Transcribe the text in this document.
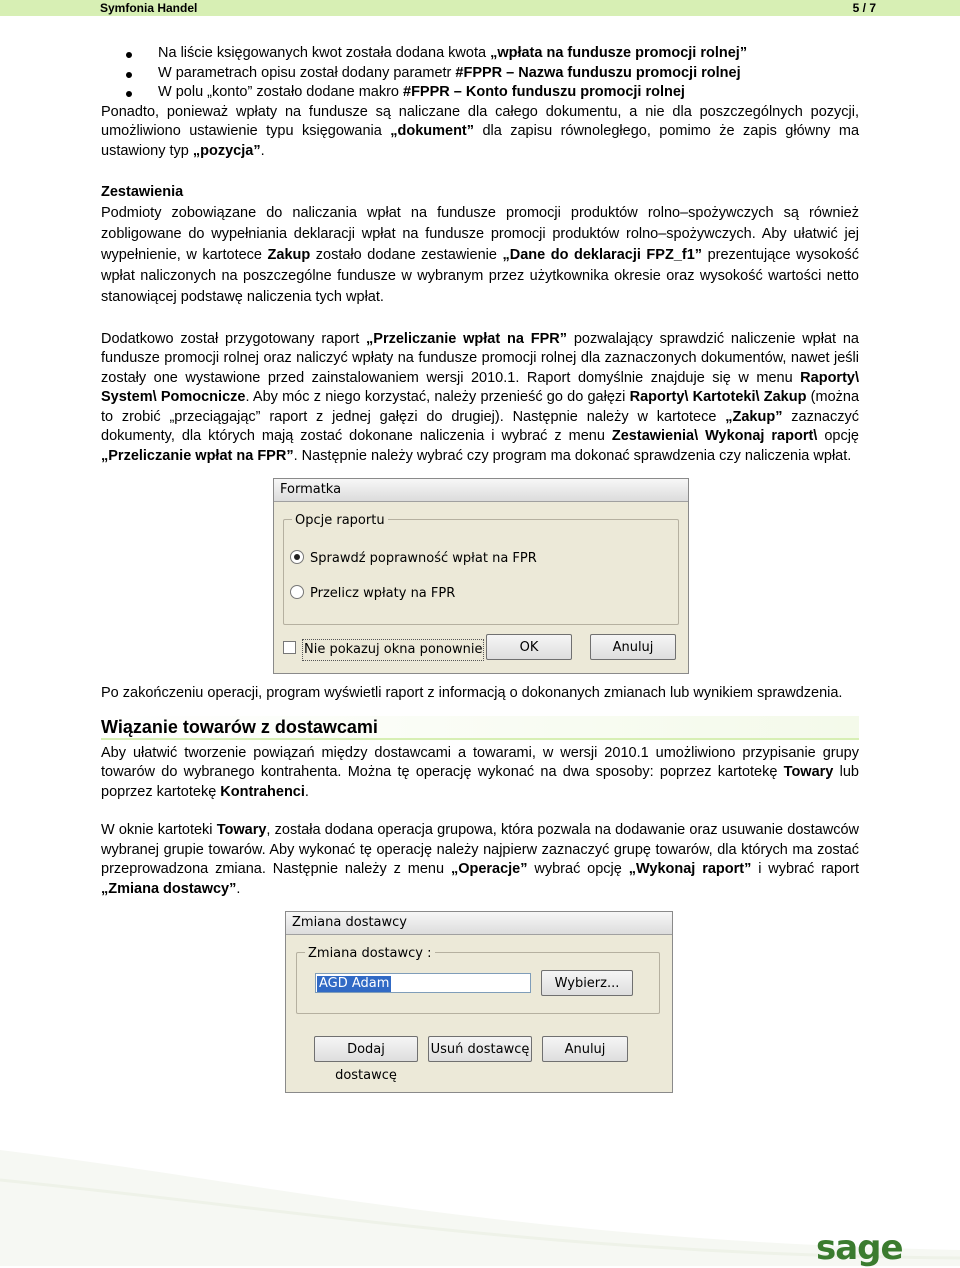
Symfonia Handel	5 / 7
Na liście księgowanych kwot została dodana kwota „wpłata na fundusze promocji rolnej”
W parametrach opisu został dodany parametr #FPPR – Nazwa funduszu promocji rolnej
W polu „konto” zostało dodane makro #FPPR – Konto funduszu promocji rolnej

Ponadto, ponieważ wpłaty na fundusze są naliczane dla całego dokumentu, a nie dla poszczególnych pozycji, umożliwiono ustawienie typu księgowania „dokument” dla zapisu równoległego, pomimo że zapis główny ma ustawiony typ „pozycja”.

Zestawienia

Podmioty zobowiązane do naliczania wpłat na fundusze promocji produktów rolno–spożywczych są również zobligowane do wypełniania deklaracji wpłat na fundusze promocji produktów rolno–spożywczych. Aby ułatwić jej wypełnienie, w kartotece Zakup zostało dodane zestawienie „Dane do deklaracji FPZ_f1” prezentujące wysokość wpłat naliczonych na poszczególne fundusze w wybranym przez użytkownika okresie oraz wysokość wartości netto stanowiącej podstawę naliczenia tych wpłat.

Dodatkowo został przygotowany raport „Przeliczanie wpłat na FPR” pozwalający sprawdzić naliczenie wpłat na fundusze promocji rolnej oraz naliczyć wpłaty na fundusze promocji rolnej dla zaznaczonych dokumentów, nawet jeśli zostały one wystawione przed zainstalowaniem wersji 2010.1. Raport domyślnie znajduje się w menu Raporty\ System\ Pomocnicze. Aby móc z niego korzystać, należy przenieść go do gałęzi Raporty\ Kartoteki\ Zakup (można to zrobić „przeciągając” raport z jednej gałęzi do drugiej). Następnie należy w kartotece „Zakup” zaznaczyć dokumenty, dla których mają zostać dokonane naliczenia i wybrać z menu Zestawienia\ Wykonaj raport\ opcję „Przeliczanie wpłat na FPR”. Następnie należy wybrać czy program ma dokonać sprawdzenia czy naliczenia wpłat.

Formatka
Opcje raportu
Sprawdź poprawność wpłat na FPR
Przelicz wpłaty na FPR
Nie pokazuj okna ponownie	OK	Anuluj

Po zakończeniu operacji, program wyświetli raport z informacją o dokonanych zmianach lub wynikiem sprawdzenia.

Wiązanie towarów z dostawcami

Aby ułatwić tworzenie powiązań między dostawcami a towarami, w wersji 2010.1 umożliwiono przypisanie grupy towarów do wybranego kontrahenta. Można tę operację wykonać na dwa sposoby: poprzez kartotekę Towary lub poprzez kartotekę Kontrahenci.

W oknie kartoteki Towary, została dodana operacja grupowa, która pozwala na dodawanie oraz usuwanie dostawców wybranej grupie towarów. Aby wykonać tę operację należy najpierw zaznaczyć grupę towarów, dla których ma zostać przeprowadzona zmiana. Następnie należy z menu „Operacje” wybrać opcję „Wykonaj raport” i wybrać raport „Zmiana dostawcy”.

Zmiana dostawcy
Zmiana dostawcy :
AGD Adam	Wybierz...
Dodaj dostawcę
Usuń dostawcę	Anuluj
sage
